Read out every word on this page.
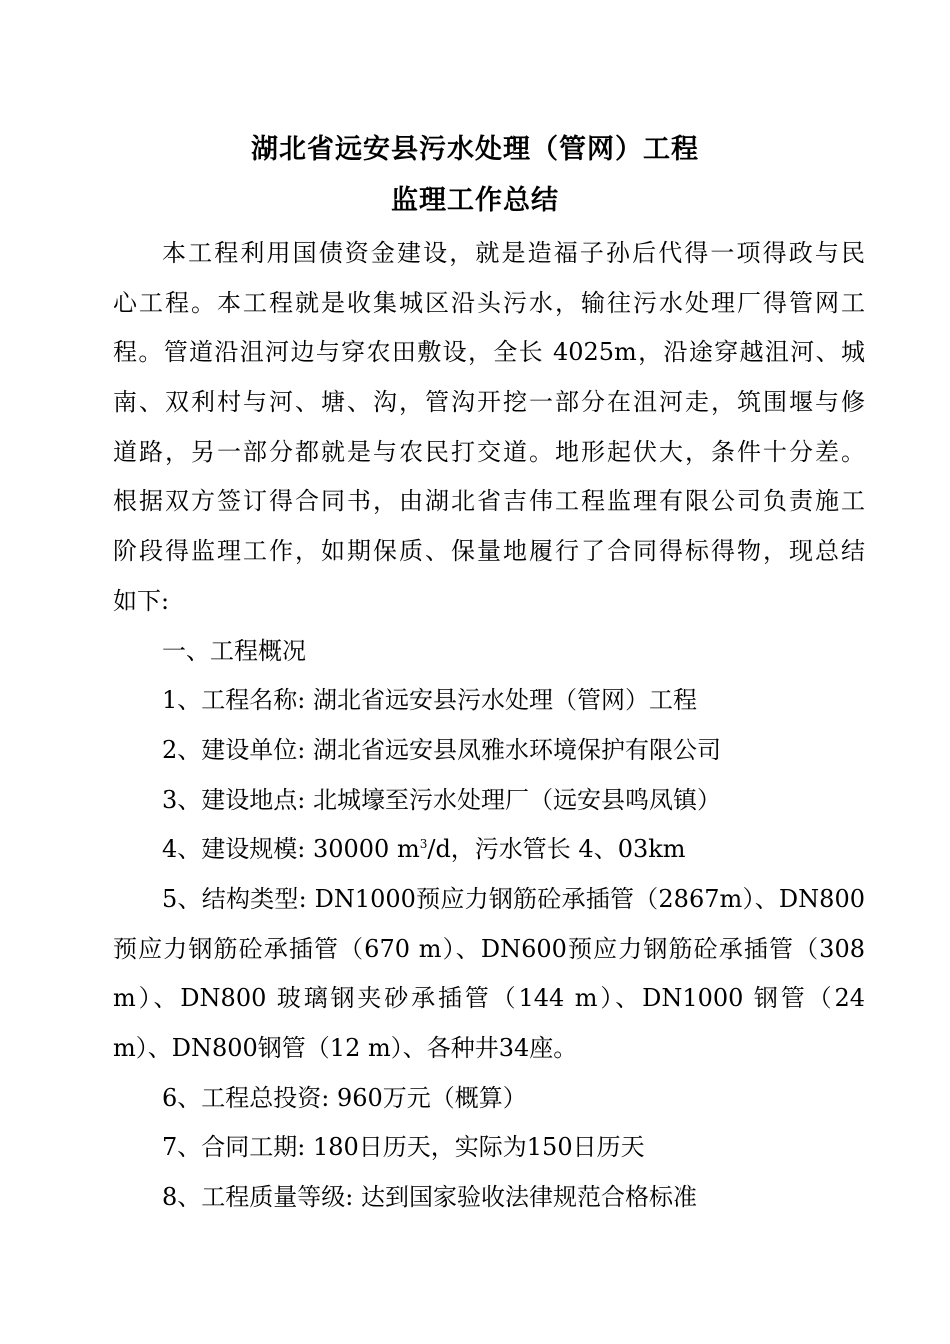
湖北省远安县污水处理（管网）工程
监理工作总结
本工程利用国债资金建设，就是造福子孙后代得一项得政与民
心工程。本工程就是收集城区沿头污水，输往污水处理厂得管网工
程。管道沿沮河边与穿农田敷设，全长 4025m，沿途穿越沮河、城
南、双利村与河、塘、沟，管沟开挖一部分在沮河走，筑围堰与修
道路，另一部分都就是与农民打交道。地形起伏大，条件十分差。
根据双方签订得合同书，由湖北省吉伟工程监理有限公司负责施工
阶段得监理工作，如期保质、保量地履行了合同得标得物，现总结
如下:
一、工程概况
1、工程名称: 湖北省远安县污水处理（管网）工程
2、建设单位: 湖北省远安县凤雅水环境保护有限公司
3、建设地点: 北城壕至污水处理厂（远安县鸣凤镇）
4、建设规模: 30000 $m^3/d$，污水管长 4、03km
5、结构类型: DN1000预应力钢筋砼承插管（2867m）、DN800
预应力钢筋砼承插管（670 m）、DN600预应力钢筋砼承插管（308
m）、DN800 玻璃钢夹砂承插管（144 m）、DN1000 钢管（24
m）、DN800钢管（12 m）、各种井34座。
6、工程总投资: 960万元（概算）
7、合同工期: 180日历天，实际为150日历天
8、工程质量等级: 达到国家验收法律规范合格标准
